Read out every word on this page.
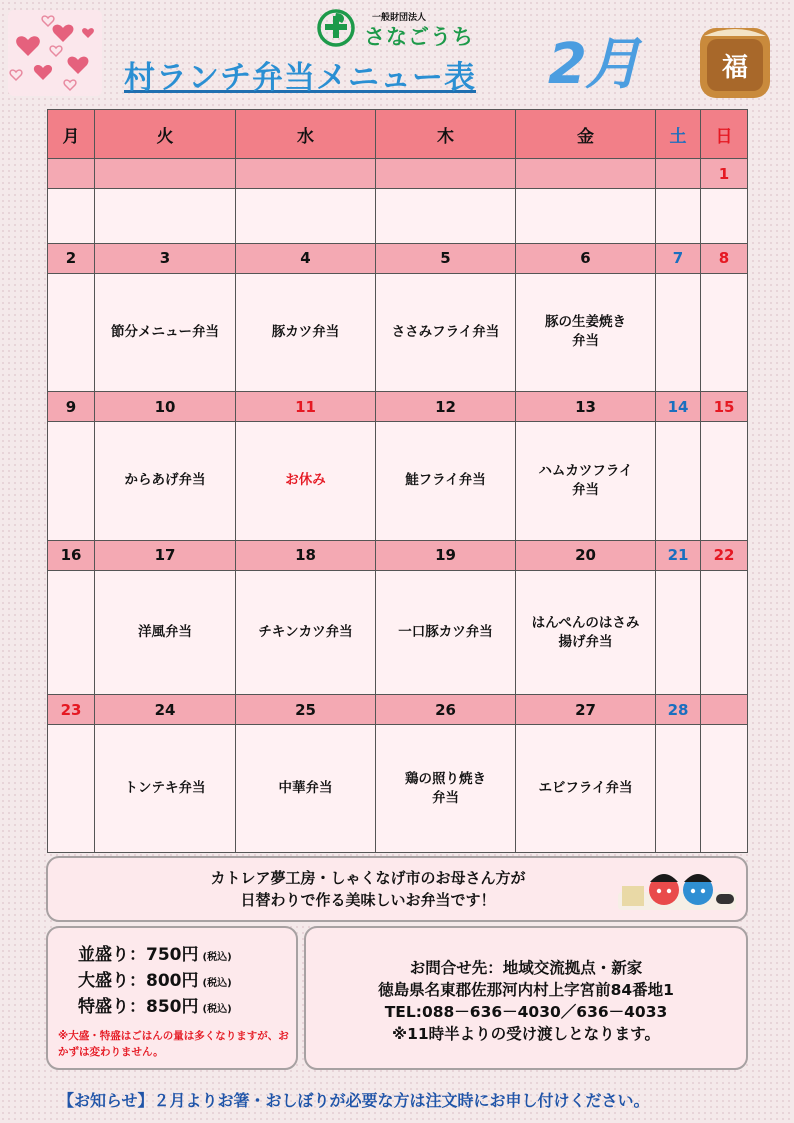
一般財団法人
さなごうち
村ランチ弁当メニュー表 2月	福
月	火	水	木	金	土	日
						1

2	3	4	5	6	7	8
	節分メニュー弁当	豚カツ弁当	ささみフライ弁当	豚の生姜焼き
弁当		
9	10	11	12	13	14	15
	からあげ弁当	お休み	鮭フライ弁当	ハムカツフライ
弁当		
16	17	18	19	20	21	22
	洋風弁当	チキンカツ弁当	一口豚カツ弁当	はんぺんのはさみ
揚げ弁当		
23	24	25	26	27	28	
	トンテキ弁当	中華弁当	鶏の照り焼き
弁当	エビフライ弁当		
カトレア夢工房・しゃくなげ市のお母さん方が
日替わりで作る美味しいお弁当です！
並盛り：750円 (税込)
大盛り：800円 (税込)
特盛り：850円 (税込)
※大盛・特盛はごはんの量は多くなりますが、おかずは変わりません。
お問合せ先：地域交流拠点・新家
徳島県名東郡佐那河内村上字宮前84番地1
TEL:088－636－4030／636－4033
※11時半よりの受け渡しとなります。
【お知らせ】２月よりお箸・おしぼりが必要な方は注文時にお申し付けください。
